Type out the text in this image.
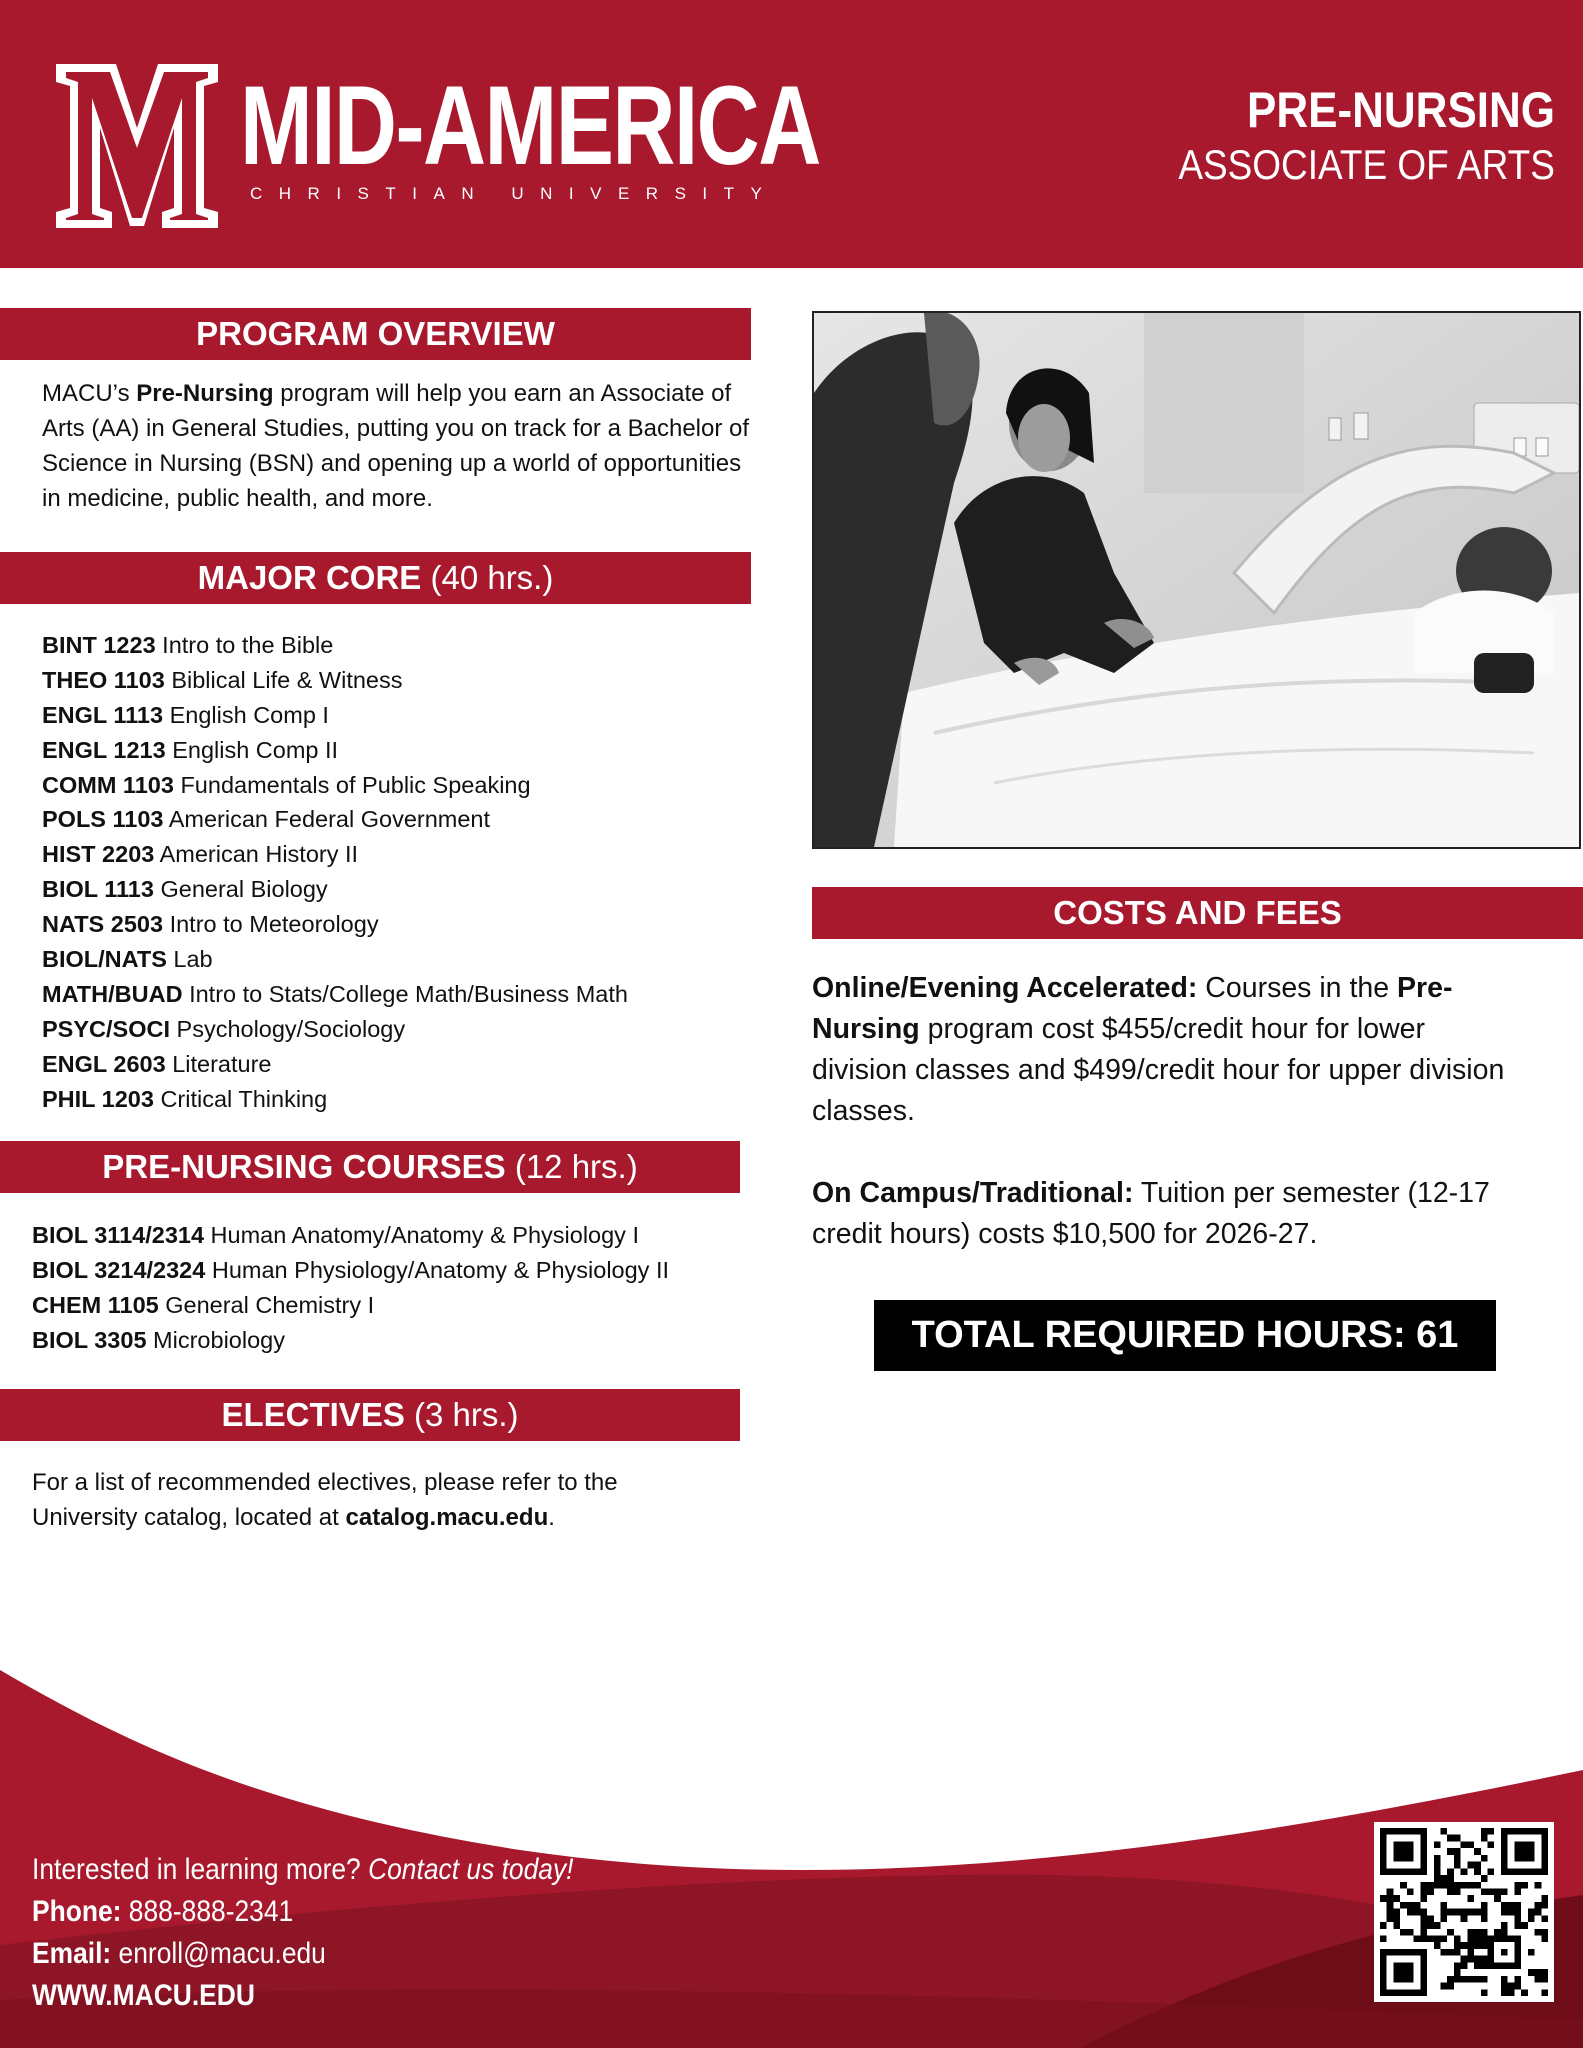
MID-AMERICA
CHRISTIAN UNIVERSITY
PRE-NURSING
ASSOCIATE OF ARTS
PROGRAM OVERVIEW
MACU’s Pre-Nursing program will help you earn an Associate of Arts (AA) in General Studies, putting you on track for a Bachelor of Science in Nursing (BSN) and opening up a world of opportunities in medicine, public health, and more.
MAJOR CORE (40 hrs.)
BINT 1223 Intro to the Bible
THEO 1103 Biblical Life & Witness
ENGL 1113 English Comp I
ENGL 1213 English Comp II
COMM 1103 Fundamentals of Public Speaking
POLS 1103 American Federal Government
HIST 2203 American History II
BIOL 1113 General Biology
NATS 2503 Intro to Meteorology
BIOL/NATS Lab
MATH/BUAD Intro to Stats/College Math/Business Math
PSYC/SOCI Psychology/Sociology
ENGL 2603 Literature
PHIL 1203 Critical Thinking
PRE-NURSING COURSES (12 hrs.)
BIOL 3114/2314 Human Anatomy/Anatomy & Physiology I
BIOL 3214/2324 Human Physiology/Anatomy & Physiology II
CHEM 1105 General Chemistry I
BIOL 3305 Microbiology
ELECTIVES (3 hrs.)
For a list of recommended electives, please refer to the University catalog, located at catalog.macu.edu.
COSTS AND FEES

Online/Evening Accelerated: Courses in the Pre-Nursing program cost $455/credit hour for lower division classes and $499/credit hour for upper division classes.

On Campus/Traditional: Tuition per semester (12-17 credit hours) costs $10,500 for 2026-27.

TOTAL REQUIRED HOURS: 61
Interested in learning more? Contact us today!
Phone: 888-888-2341
Email: enroll@macu.edu
WWW.MACU.EDU
